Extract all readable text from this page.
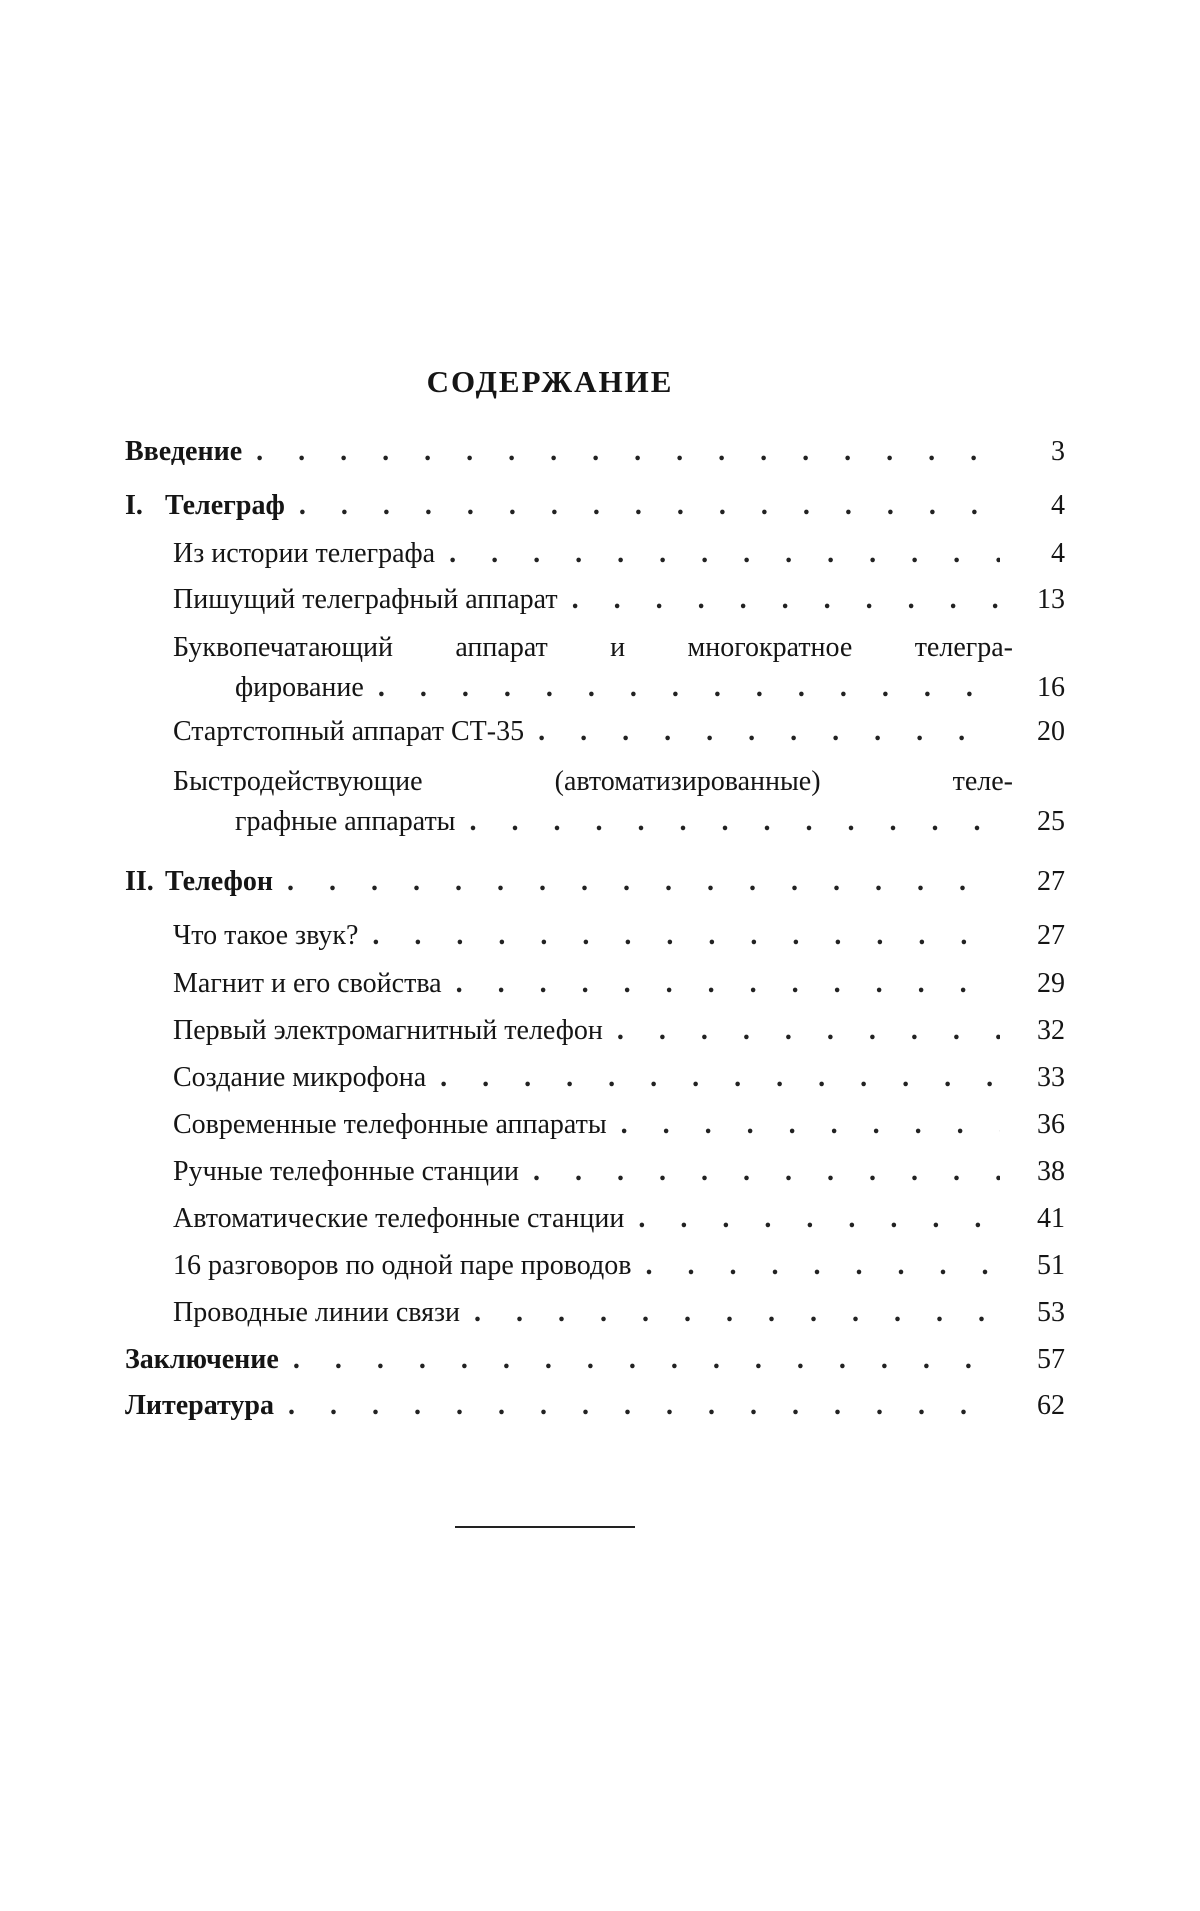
СОДЕРЖАНИЕ
Введение . . .	3
I. Телеграф . . .	4
Из истории телеграфа . . .	4
Пишущий телеграфный аппарат . . .	13
Буквопечатающий аппарат и многократное телегра-
фирование . . .	16
Стартстопный аппарат СТ-35 . . .	20
Быстродействующие (автоматизированные) теле-
графные аппараты . . .	25
II. Телефон . . .	27
Что такое звук? . . .	27
Магнит и его свойства . . .	29
Первый электромагнитный телефон . . .	32
Создание микрофона . . .	33
Современные телефонные аппараты . . .	36
Ручные телефонные станции . . .	38
Автоматические телефонные станции . . .	41
16 разговоров по одной паре проводов . . .	51
Проводные линии связи . . .	53
Заключение . . .	57
Литература . . .	62
